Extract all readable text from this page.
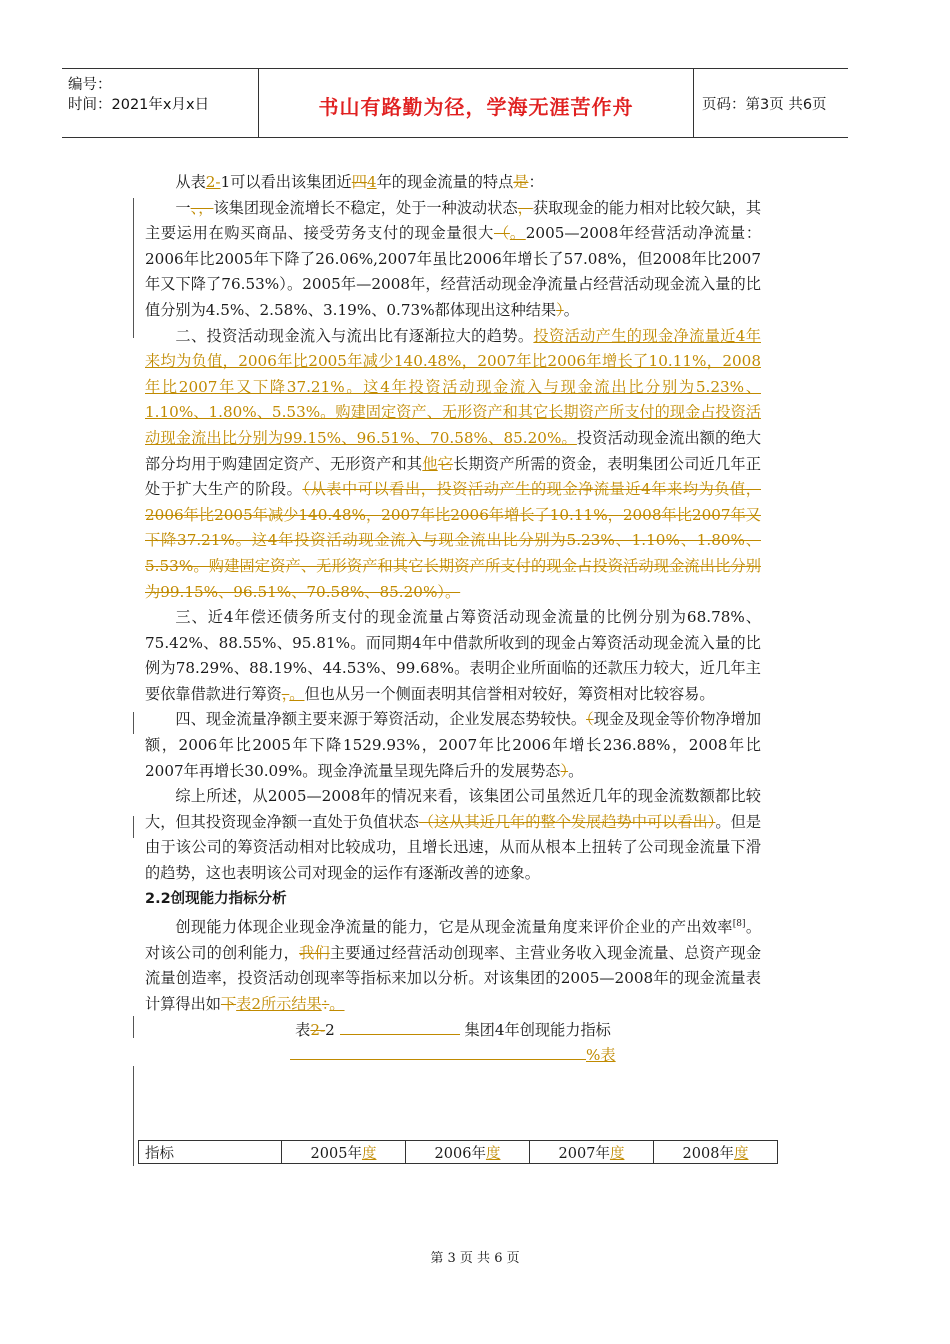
编号：
时间：2021年x月x日	书山有路勤为径，学海无涯苦作舟	页码：第3页 共6页

从表2-1可以看出该集团近四4年的现金流量的特点是：

一、，该集团现金流增长不稳定，处于一种波动状态，获取现金的能力相对比较欠缺，其主要运用在购买商品、接受劳务支付的现金量很大（。2005—2008年经营活动净流量：2006年比2005年下降了26.06%,2007年虽比2006年增长了57.08%，但2008年比2007年又下降了76.53%）。2005年—2008年，经营活动现金净流量占经营活动现金流入量的比值分别为4.5%、2.58%、3.19%、0.73%都体现出这种结果）。

二、投资活动现金流入与流出比有逐渐拉大的趋势。投资活动产生的现金净流量近4年来均为负值，2006年比2005年减少140.48%，2007年比2006年增长了10.11%，2008年比2007年又下降37.21%。这4年投资活动现金流入与现金流出比分别为5.23%、1.10%、1.80%、5.53%。购建固定资产、无形资产和其它长期资产所支付的现金占投资活动现金流出比分别为99.15%、96.51%、70.58%、85.20%。投资活动现金流出额的绝大部分均用于购建固定资产、无形资产和其他它长期资产所需的资金，表明集团公司近几年正处于扩大生产的阶段。（从表中可以看出，投资活动产生的现金净流量近4年来均为负值，2006年比2005年减少140.48%，2007年比2006年增长了10.11%，2008年比2007年又下降37.21%。这4年投资活动现金流入与现金流出比分别为5.23%、1.10%、1.80%、5.53%。购建固定资产、无形资产和其它长期资产所支付的现金占投资活动现金流出比分别为99.15%、96.51%、70.58%、85.20%）。

三、近4年偿还债务所支付的现金流量占筹资活动现金流量的比例分别为68.78%、75.42%、88.55%、95.81%。而同期4年中借款所收到的现金占筹资活动现金流入量的比例为78.29%、88.19%、44.53%、99.68%。表明企业所面临的还款压力较大，近几年主要依靠借款进行筹资，。但也从另一个侧面表明其信誉相对较好，筹资相对比较容易。

四、现金流量净额主要来源于筹资活动，企业发展态势较快。（现金及现金等价物净增加额，2006年比2005年下降1529.93%，2007年比2006年增长236.88%，2008年比2007年再增长30.09%。现金净流量呈现先降后升的发展势态）。

综上所述，从2005—2008年的情况来看，该集团公司虽然近几年的现金流数额都比较大，但其投资现金净额一直处于负值状态（这从其近几年的整个发展趋势中可以看出）。但是由于该公司的筹资活动相对比较成功，且增长迅速，从而从根本上扭转了公司现金流量下滑的趋势，这也表明该公司对现金的运作有逐渐改善的迹象。

2.2创现能力指标分析

创现能力体现企业现金净流量的能力，它是从现金流量角度来评价企业的产出效率[8]。对该公司的创利能力，我们主要通过经营活动创现率、主营业务收入现金流量、总资产现金流量创造率，投资活动创现率等指标来加以分析。对该集团的2005—2008年的现金流量表计算得出如下表2所示结果：。

表2-2	集团4年创现能力指标

%表

指标	2005年度	2006年度	2007年度	2008年度
第 3 页 共 6 页
